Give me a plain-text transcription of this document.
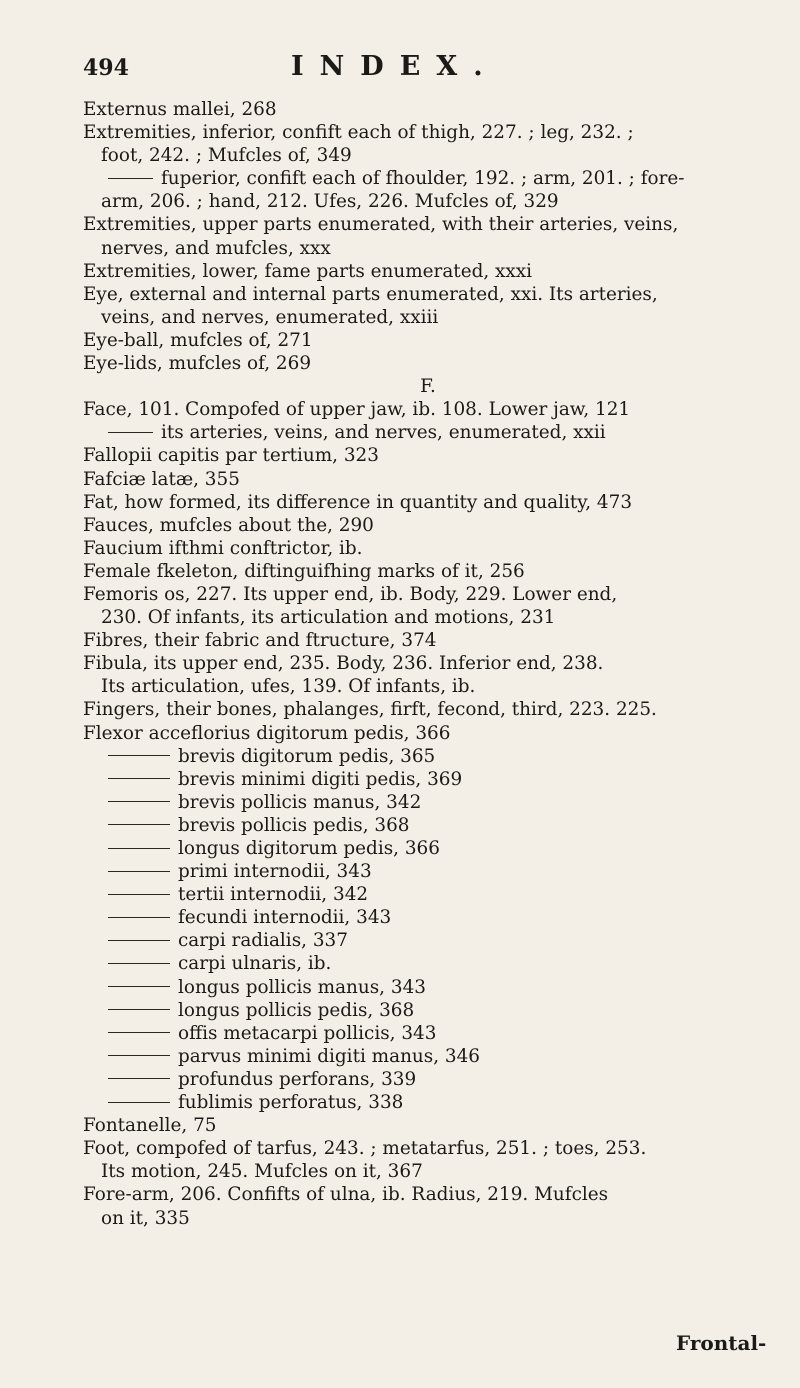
494	INDEX.
Externus mallei, 268
Extremities, inferior, confift each of thigh, 227. ; leg, 232. ;
foot, 242. ; Mufcles of, 349
fuperior, confift each of fhoulder, 192. ; arm, 201. ; fore-
arm, 206. ; hand, 212. Ufes, 226. Mufcles of, 329
Extremities, upper parts enumerated, with their arteries, veins,
nerves, and mufcles, xxx
Extremities, lower, fame parts enumerated, xxxi
Eye, external and internal parts enumerated, xxi. Its arteries,
veins, and nerves, enumerated, xxiii
Eye-ball, mufcles of, 271
Eye-lids, mufcles of, 269
F.
Face, 101. Compofed of upper jaw, ib. 108. Lower jaw, 121
its arteries, veins, and nerves, enumerated, xxii
Fallopii capitis par tertium, 323
Fafciæ latæ, 355
Fat, how formed, its difference in quantity and quality, 473
Fauces, mufcles about the, 290
Faucium ifthmi conftrictor, ib.
Female fkeleton, diftinguifhing marks of it, 256
Femoris os, 227. Its upper end, ib. Body, 229. Lower end,
230. Of infants, its articulation and motions, 231
Fibres, their fabric and ftructure, 374
Fibula, its upper end, 235. Body, 236. Inferior end, 238.
Its articulation, ufes, 139. Of infants, ib.
Fingers, their bones, phalanges, firft, fecond, third, 223. 225.
Flexor acceflorius digitorum pedis, 366
brevis digitorum pedis, 365
brevis minimi digiti pedis, 369
brevis pollicis manus, 342
brevis pollicis pedis, 368
longus digitorum pedis, 366
primi internodii, 343
tertii internodii, 342
fecundi internodii, 343
carpi radialis, 337
carpi ulnaris, ib.
longus pollicis manus, 343
longus pollicis pedis, 368
offis metacarpi pollicis, 343
parvus minimi digiti manus, 346
profundus perforans, 339
fublimis perforatus, 338
Fontanelle, 75
Foot, compofed of tarfus, 243. ; metatarfus, 251. ; toes, 253.
Its motion, 245. Mufcles on it, 367
Fore-arm, 206. Confifts of ulna, ib. Radius, 219. Mufcles
on it, 335
Frontal-
